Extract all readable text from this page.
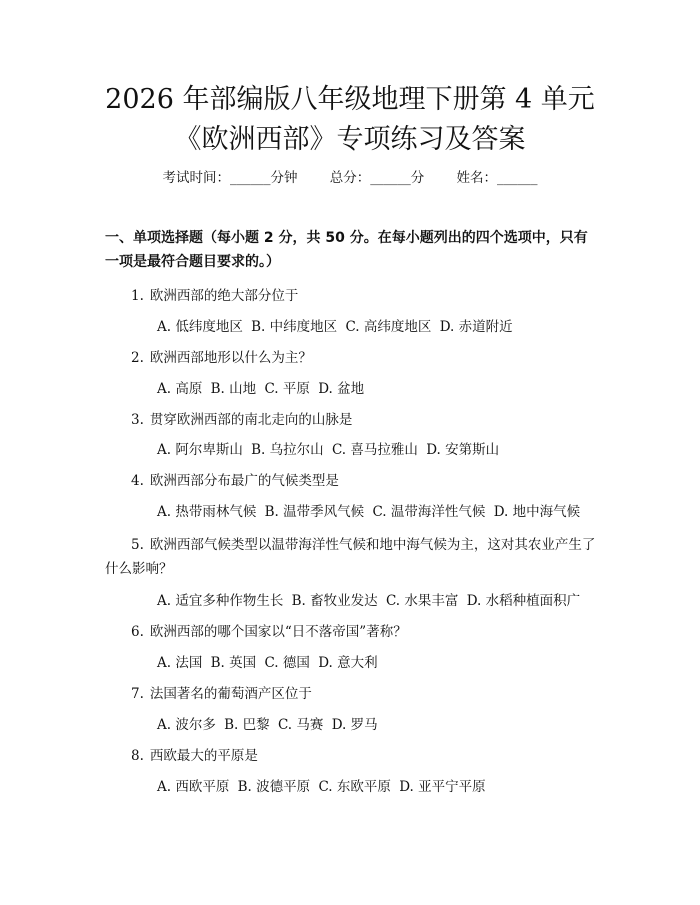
2026 年部编版八年级地理下册第 4 单元《欧洲西部》专项练习及答案
考试时间：______分钟 总分：______分 姓名：______
一、单项选择题（每小题 2 分，共 50 分。在每小题列出的四个选项中，只有一项是最符合题目要求的。）
1. 欧洲西部的绝大部分位于
A. 低纬度地区 B. 中纬度地区 C. 高纬度地区 D. 赤道附近
2. 欧洲西部地形以什么为主？
A. 高原 B. 山地 C. 平原 D. 盆地
3. 贯穿欧洲西部的南北走向的山脉是
A. 阿尔卑斯山 B. 乌拉尔山 C. 喜马拉雅山 D. 安第斯山
4. 欧洲西部分布最广的气候类型是
A. 热带雨林气候 B. 温带季风气候 C. 温带海洋性气候 D. 地中海气候
5. 欧洲西部气候类型以温带海洋性气候和地中海气候为主，这对其农业产生了什么影响？
A. 适宜多种作物生长 B. 畜牧业发达 C. 水果丰富 D. 水稻种植面积广
6. 欧洲西部的哪个国家以“日不落帝国”著称？
A. 法国 B. 英国 C. 德国 D. 意大利
7. 法国著名的葡萄酒产区位于
A. 波尔多 B. 巴黎 C. 马赛 D. 罗马
8. 西欧最大的平原是
A. 西欧平原 B. 波德平原 C. 东欧平原 D. 亚平宁平原
